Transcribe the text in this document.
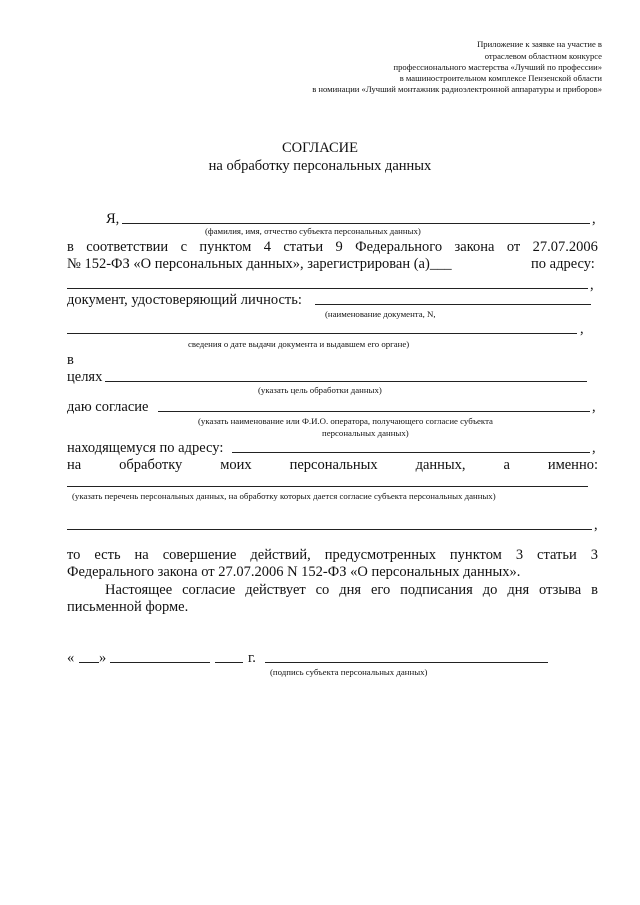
Приложение к заявке на участие в
отраслевом областном конкурсе
профессионального мастерства «Лучший по профессии»
в машиностроительном комплексе Пензенской области
в номинации «Лучший монтажник радиоэлектронной аппаратуры и приборов»
СОГЛАСИЕ
на обработку персональных данных
Я,	,
(фамилия, имя, отчество субъекта персональных данных)
в соответствии с пунктом 4 статьи 9 Федерального закона от 27.07.2006
№ 152-ФЗ «О персональных данных», зарегистрирован (а)___	по адресу:
,
документ, удостоверяющий личность:
(наименование документа, N,
,
сведения о дате выдачи документа и выдавшем его органе)
в
целях
(указать цель обработки данных)
даю согласие	,
(указать наименование или Ф.И.О. оператора, получающего согласие субъекта
персональных данных)
находящемуся по адресу:	,
на	обработку	моих	персональных	данных,	а	именно:
(указать перечень персональных данных, на обработку которых дается согласие субъекта персональных данных)
,
то есть на совершение действий, предусмотренных пунктом 3 статьи 3
Федерального закона от 27.07.2006 N 152-ФЗ «О персональных данных».
Настоящее согласие действует со дня его подписания до дня отзыва в
письменной форме.
« »	г.
(подпись субъекта персональных данных)
